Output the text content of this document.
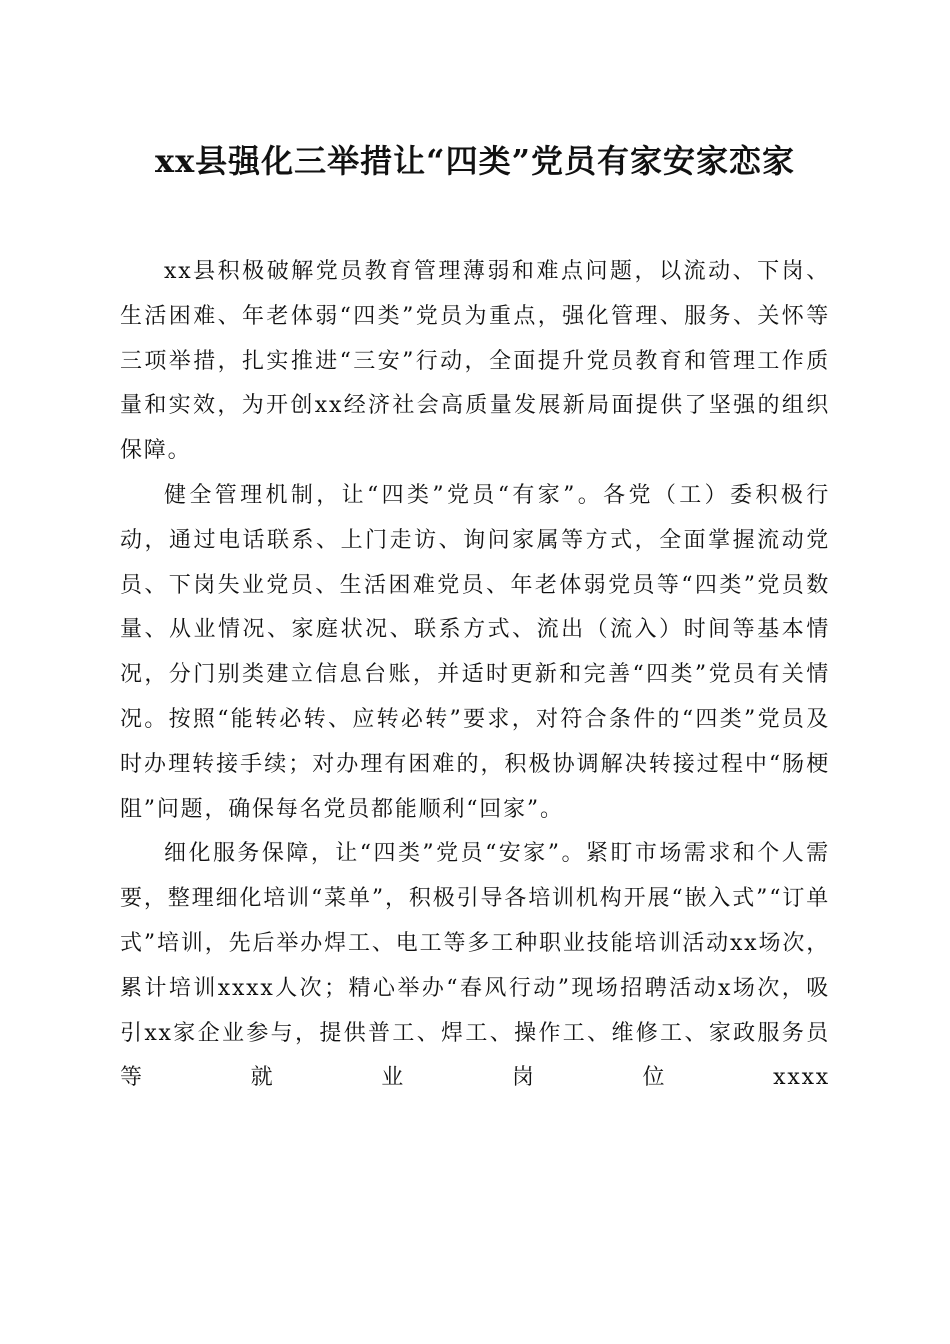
xx县强化三举措让“四类”党员有家安家恋家

xx县积极破解党员教育管理薄弱和难点问题，以流动、下岗、生活困难、年老体弱“四类”党员为重点，强化管理、服务、关怀等三项举措，扎实推进“三安”行动，全面提升党员教育和管理工作质量和实效，为开创xx经济社会高质量发展新局面提供了坚强的组织保障。

健全管理机制，让“四类”党员“有家”。各党（工）委积极行动，通过电话联系、上门走访、询问家属等方式，全面掌握流动党员、下岗失业党员、生活困难党员、年老体弱党员等“四类”党员数量、从业情况、家庭状况、联系方式、流出（流入）时间等基本情况，分门别类建立信息台账，并适时更新和完善“四类”党员有关情况。按照“能转必转、应转必转”要求，对符合条件的“四类”党员及时办理转接手续；对办理有困难的，积极协调解决转接过程中“肠梗阻”问题，确保每名党员都能顺利“回家”。

细化服务保障，让“四类”党员“安家”。紧盯市场需求和个人需要，整理细化培训“菜单”，积极引导各培训机构开展“嵌入式”“订单式”培训，先后举办焊工、电工等多工种职业技能培训活动xx场次，累计培训xxxx人次；精心举办“春风行动”现场招聘活动x场次，吸引xx家企业参与，提供普工、焊工、操作工、维修工、家政服务员等就业岗位xxxx
